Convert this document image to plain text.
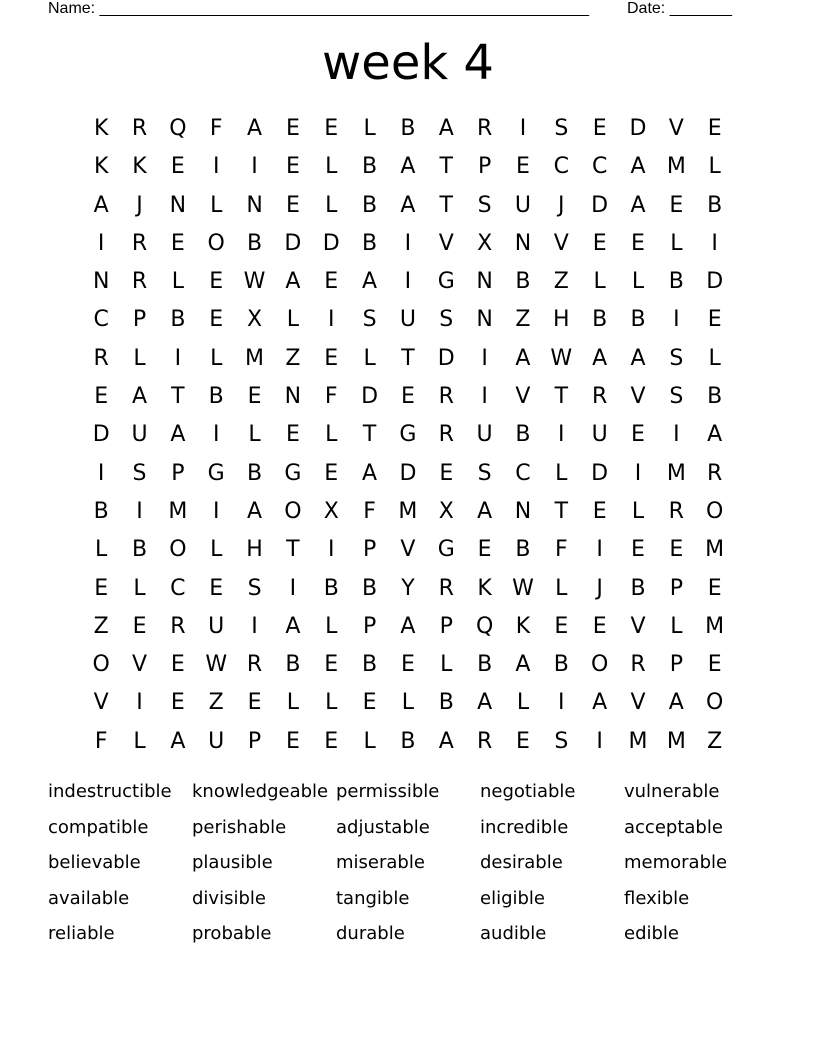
Name: _______________________________________________________ Date: _______
week 4
K	R	Q	F	A	E	E	L	B	A	R	I	S	E	D	V	E
K	K	E	I	I	E	L	B	A	T	P	E	C	C	A M	L
A	J	N	L	N	E	L	B	A	T	S	U	J	D	A	E	B
I	R	E	O	B	D D	B	I	V	X	N	V	E	E	L	I
N	R	L	E W A	E	A	I	G N	B	Z	L	L	B	D
C	P	B	E	X	L	I	S	U	S	N	Z	H	B	B	I	E
R	L	I	L	M Z	E	L	T	D	I	A W A	A	S	L
E	A	T	B	E	N	F	D	E	R	I	V	T	R	V	S	B
D U	A	I	L	E	L	T	G	R	U	B	I	U	E	I	A
I	S	P	G	B	G	E	A	D	E	S	C	L	D	I	M R
B	I	M	I	A	O	X	F	M X	A	N	T	E	L	R	O
L	B	O	L	H	T	I	P	V	G	E	B	F	I	E	E M
E	L	C	E	S	I	B	B	Y	R	K W L	J	B	P	E
Z	E	R	U	I	A	L	P	A	P	Q	K	E	E	V	L	M
O	V	E W R	B	E	B	E	L	B	A	B	O	R	P	E
V	I	E	Z	E	L	L	E	L	B	A	L	I	A	V	A	O
F	L	A	U	P	E	E	L	B	A	R	E	S	I	M M Z
indestructible	knowledgeable permissible	negotiable	vulnerable
compatible	perishable	adjustable	incredible	acceptable
believable	plausible	miserable	desirable	memorable
available	divisible	tangible	eligible	flexible
reliable	probable	durable	audible	edible
